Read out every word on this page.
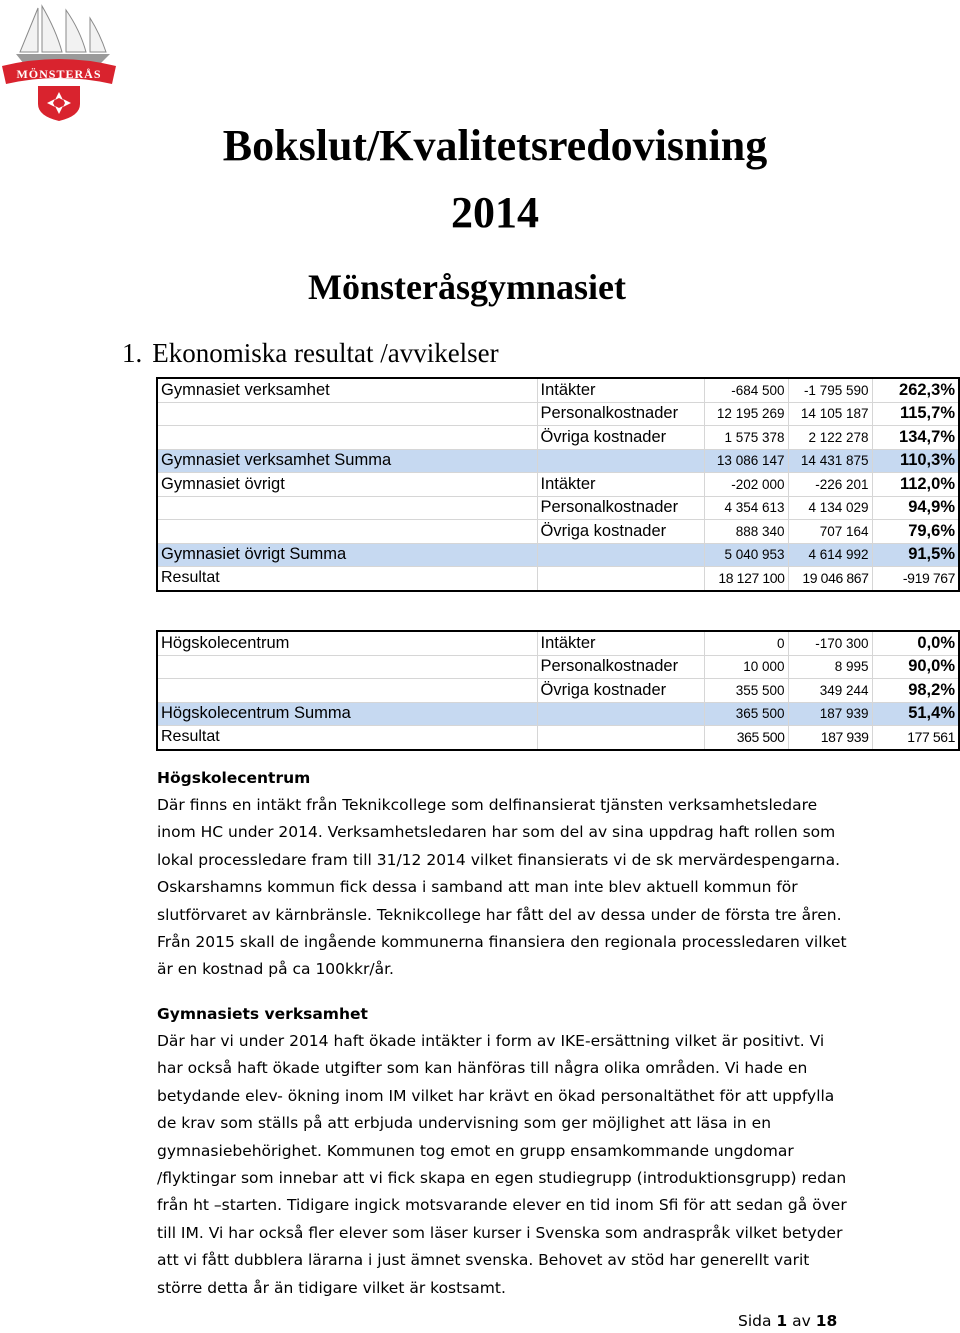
MÖNSTERÅS
Bokslut/Kvalitetsredovisning
2014
Mönsteråsgymnasiet
1. Ekonomiska resultat /avvikelser
Gymnasiet verksamhet	Intäkter	-684 500	-1 795 590	262,3%
	Personalkostnader	12 195 269	14 105 187	115,7%
	Övriga kostnader	1 575 378	2 122 278	134,7%
Gymnasiet verksamhet Summa		13 086 147	14 431 875	110,3%
Gymnasiet övrigt	Intäkter	-202 000	-226 201	112,0%
	Personalkostnader	4 354 613	4 134 029	94,9%
	Övriga kostnader	888 340	707 164	79,6%
Gymnasiet övrigt Summa		5 040 953	4 614 992	91,5%
Resultat		18 127 100	19 046 867	-919 767
Högskolecentrum	Intäkter	0	-170 300	0,0%
	Personalkostnader	10 000	8 995	90,0%
	Övriga kostnader	355 500	349 244	98,2%
Högskolecentrum Summa		365 500	187 939	51,4%
Resultat		365 500	187 939	177 561
Högskolecentrum

Där finns en intäkt från Teknikcollege som delfinansierat tjänsten verksamhetsledare inom HC under 2014. Verksamhetsledaren har som del av sina uppdrag haft rollen som lokal processledare fram till 31/12 2014 vilket finansierats vi de sk mervärdespengarna. Oskarshamns kommun fick dessa i samband att man inte blev aktuell kommun för slutförvaret av kärnbränsle. Teknikcollege har fått del av dessa under de första tre åren. Från 2015 skall de ingående kommunerna finansiera den regionala processledaren vilket är en kostnad på ca 100kkr/år.

Gymnasiets verksamhet

Där har vi under 2014 haft ökade intäkter i form av IKE-ersättning vilket är positivt. Vi har också haft ökade utgifter som kan hänföras till några olika områden. Vi hade en betydande elev- ökning inom IM vilket har krävt en ökad personaltäthet för att uppfylla de krav som ställs på att erbjuda undervisning som ger möjlighet att läsa in en gymnasiebehörighet. Kommunen tog emot en grupp ensamkommande ungdomar /flyktingar som innebar att vi fick skapa en egen studiegrupp (introduktionsgrupp) redan från ht –starten. Tidigare ingick motsvarande elever en tid inom Sfi för att sedan gå över till IM. Vi har också fler elever som läser kurser i Svenska som andraspråk vilket betyder att vi fått dubblera lärarna i just ämnet svenska. Behovet av stöd har generellt varit större detta år än tidigare vilket är kostsamt.

Sida 1 av 18
